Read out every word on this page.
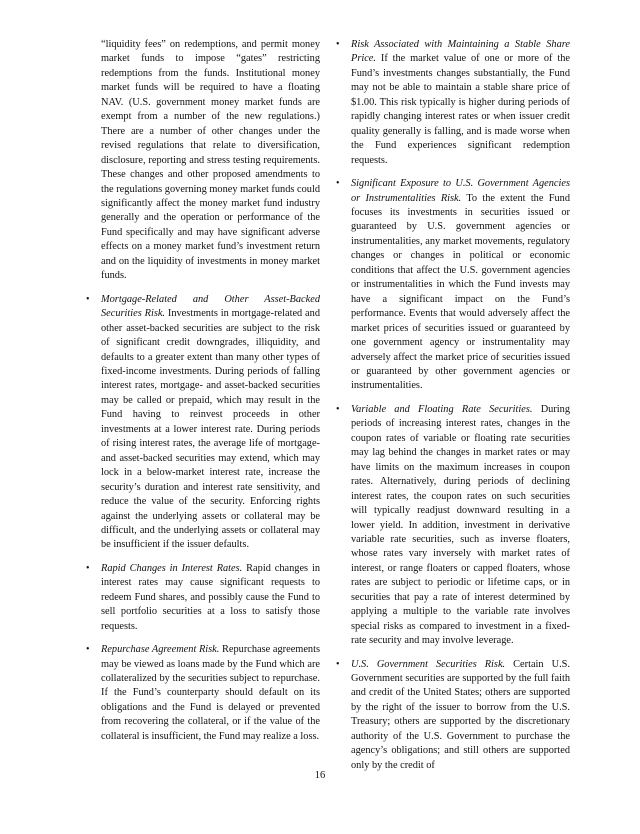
“liquidity fees” on redemptions, and permit money market funds to impose “gates” restricting redemptions from the funds. Institutional money market funds will be required to have a floating NAV. (U.S. government money market funds are exempt from a number of the new regulations.) There are a number of other changes under the revised regulations that relate to diversification, disclosure, reporting and stress testing requirements. These changes and other proposed amendments to the regulations governing money market funds could significantly affect the money market fund industry generally and the operation or performance of the Fund specifically and may have significant adverse effects on a money market fund’s investment return and on the liquidity of investments in money market funds.

• Mortgage-Related and Other Asset-Backed Securities Risk. Investments in mortgage-related and other asset-backed securities are subject to the risk of significant credit downgrades, illiquidity, and defaults to a greater extent than many other types of fixed-income investments. During periods of falling interest rates, mortgage- and asset-backed securities may be called or prepaid, which may result in the Fund having to reinvest proceeds in other investments at a lower interest rate. During periods of rising interest rates, the average life of mortgage- and asset-backed securities may extend, which may lock in a below-market interest rate, increase the security’s duration and interest rate sensitivity, and reduce the value of the security. Enforcing rights against the underlying assets or collateral may be difficult, and the underlying assets or collateral may be insufficient if the issuer defaults.
• Rapid Changes in Interest Rates. Rapid changes in interest rates may cause significant requests to redeem Fund shares, and possibly cause the Fund to sell portfolio securities at a loss to satisfy those requests.
• Repurchase Agreement Risk. Repurchase agreements may be viewed as loans made by the Fund which are collateralized by the securities subject to repurchase. If the Fund’s counterparty should default on its obligations and the Fund is delayed or prevented from recovering the collateral, or if the value of the collateral is insufficient, the Fund may realize a loss.
• Risk Associated with Maintaining a Stable Share Price. If the market value of one or more of the Fund’s investments changes substantially, the Fund may not be able to maintain a stable share price of $1.00. This risk typically is higher during periods of rapidly changing interest rates or when issuer credit quality generally is falling, and is made worse when the Fund experiences significant redemption requests.
• Significant Exposure to U.S. Government Agencies or Instrumentalities Risk. To the extent the Fund focuses its investments in securities issued or guaranteed by U.S. government agencies or instrumentalities, any market movements, regulatory changes or changes in political or economic conditions that affect the U.S. government agencies or instrumentalities in which the Fund invests may have a significant impact on the Fund’s performance. Events that would adversely affect the market prices of securities issued or guaranteed by one government agency or instrumentality may adversely affect the market price of securities issued or guaranteed by other government agencies or instrumentalities.
• Variable and Floating Rate Securities. During periods of increasing interest rates, changes in the coupon rates of variable or floating rate securities may lag behind the changes in market rates or may have limits on the maximum increases in coupon rates. Alternatively, during periods of declining interest rates, the coupon rates on such securities will typically readjust downward resulting in a lower yield. In addition, investment in derivative variable rate securities, such as inverse floaters, whose rates vary inversely with market rates of interest, or range floaters or capped floaters, whose rates are subject to periodic or lifetime caps, or in securities that pay a rate of interest determined by applying a multiple to the variable rate involves special risks as compared to investment in a fixed-rate security and may involve leverage.
• U.S. Government Securities Risk. Certain U.S. Government securities are supported by the full faith and credit of the United States; others are supported by the right of the issuer to borrow from the U.S. Treasury; others are supported by the discretionary authority of the U.S. Government to purchase the agency’s obligations; and still others are supported only by the credit of
16
